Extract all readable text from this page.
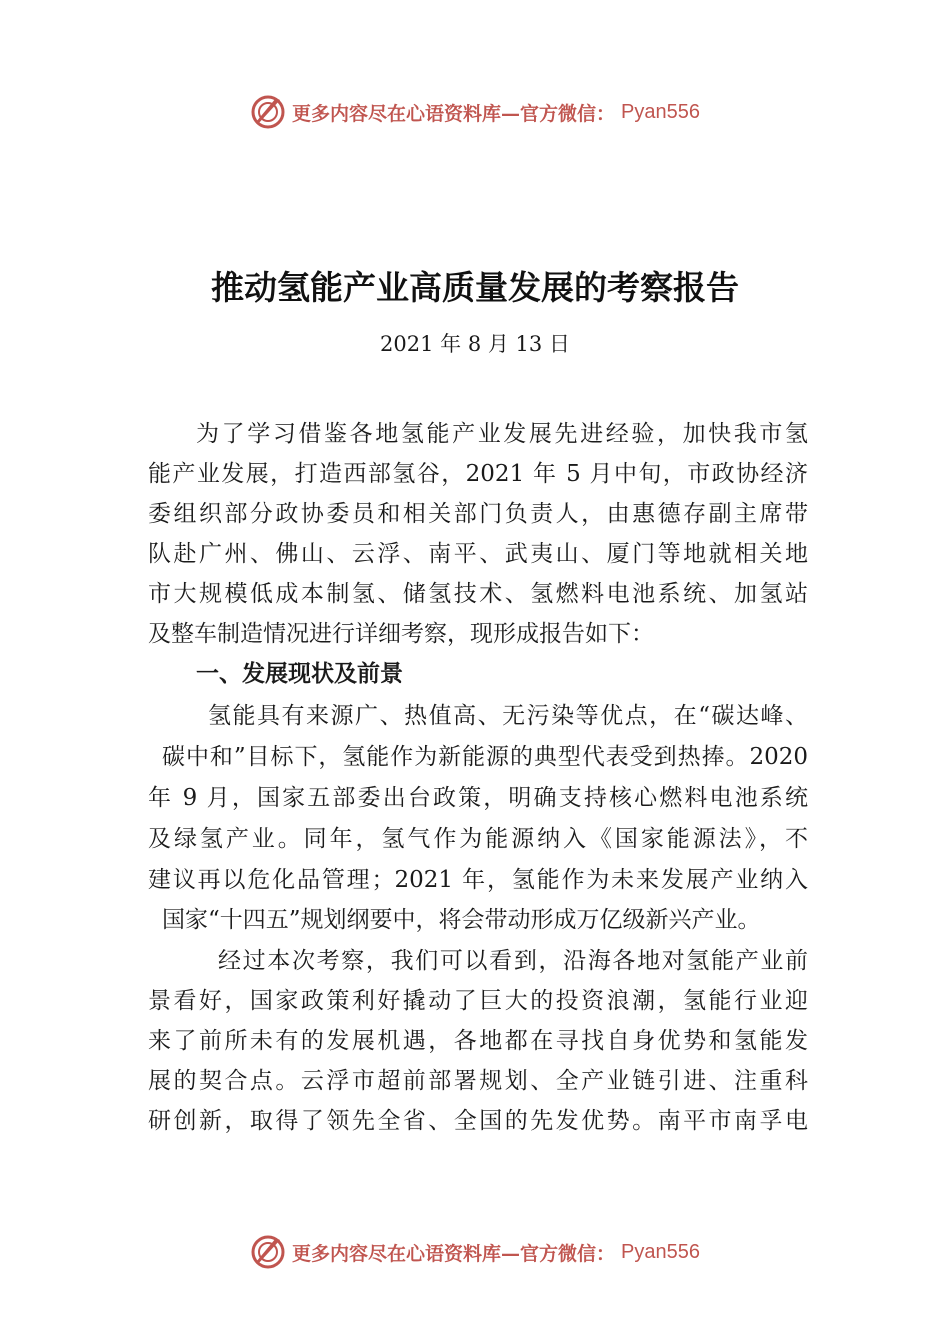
更多内容尽在心语资料库—官方微信： Pyan556
推动氢能产业高质量发展的考察报告
2021 年 8 月 13 日
为了学习借鉴各地氢能产业发展先进经验，加快我市氢
能产业发展，打造西部氢谷，2021 年 5 月中旬，市政协经济
委组织部分政协委员和相关部门负责人，由惠德存副主席带
队赴广州、佛山、云浮、南平、武夷山、厦门等地就相关地
市大规模低成本制氢、储氢技术、氢燃料电池系统、加氢站
及整车制造情况进行详细考察，现形成报告如下：
一、发展现状及前景
氢能具有来源广、热值高、无污染等优点，在“碳达峰、
碳中和”目标下，氢能作为新能源的典型代表受到热捧。2020
年 9 月，国家五部委出台政策，明确支持核心燃料电池系统
及绿氢产业。同年，氢气作为能源纳入《国家能源法》，不
建议再以危化品管理；2021 年，氢能作为未来发展产业纳入
国家“十四五”规划纲要中，将会带动形成万亿级新兴产业。
经过本次考察，我们可以看到，沿海各地对氢能产业前
景看好，国家政策利好撬动了巨大的投资浪潮，氢能行业迎
来了前所未有的发展机遇，各地都在寻找自身优势和氢能发
展的契合点。云浮市超前部署规划、全产业链引进、注重科
研创新，取得了领先全省、全国的先发优势。南平市南孚电
更多内容尽在心语资料库—官方微信： Pyan556
